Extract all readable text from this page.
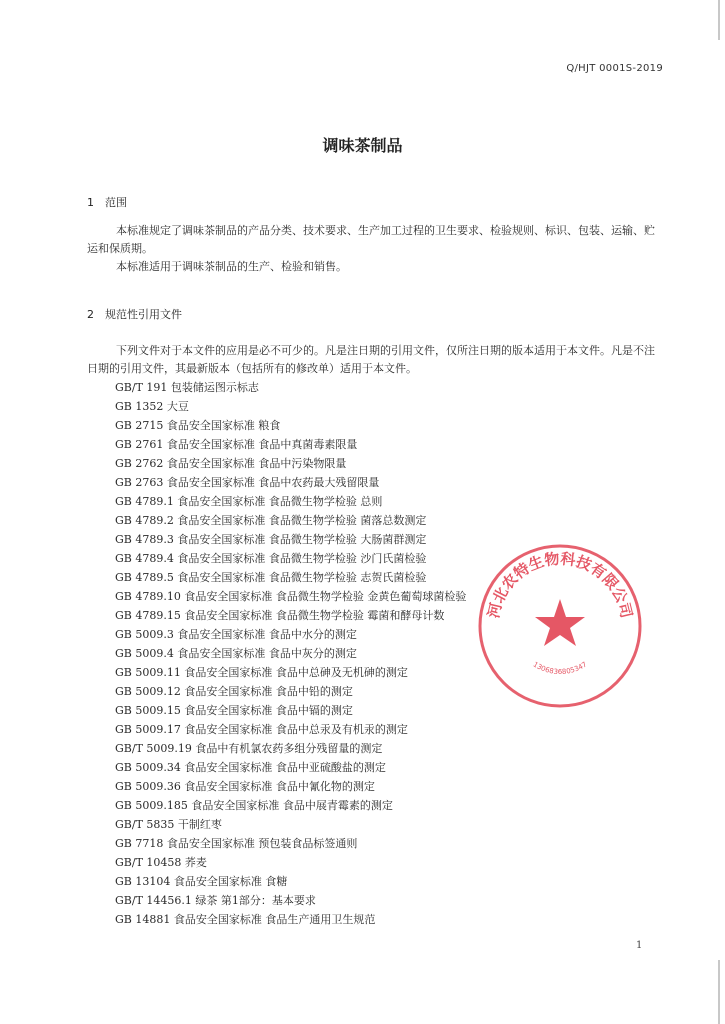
Q/HJT 0001S-2019
调味茶制品
1 范围

本标准规定了调味茶制品的产品分类、技术要求、生产加工过程的卫生要求、检验规则、标识、包装、运输、贮运和保质期。

本标准适用于调味茶制品的生产、检验和销售。

2 规范性引用文件

下列文件对于本文件的应用是必不可少的。凡是注日期的引用文件，仅所注日期的版本适用于本文件。凡是不注日期的引用文件，其最新版本（包括所有的修改单）适用于本文件。

GB/T 191 包装储运图示标志
GB 1352 大豆
GB 2715 食品安全国家标准 粮食
GB 2761 食品安全国家标准 食品中真菌毒素限量
GB 2762 食品安全国家标准 食品中污染物限量
GB 2763 食品安全国家标准 食品中农药最大残留限量
GB 4789.1 食品安全国家标准 食品微生物学检验 总则
GB 4789.2 食品安全国家标准 食品微生物学检验 菌落总数测定
GB 4789.3 食品安全国家标准 食品微生物学检验 大肠菌群测定
GB 4789.4 食品安全国家标准 食品微生物学检验 沙门氏菌检验
GB 4789.5 食品安全国家标准 食品微生物学检验 志贺氏菌检验
GB 4789.10 食品安全国家标准 食品微生物学检验 金黄色葡萄球菌检验
GB 4789.15 食品安全国家标准 食品微生物学检验 霉菌和酵母计数
GB 5009.3 食品安全国家标准 食品中水分的测定
GB 5009.4 食品安全国家标准 食品中灰分的测定
GB 5009.11 食品安全国家标准 食品中总砷及无机砷的测定
GB 5009.12 食品安全国家标准 食品中铅的测定
GB 5009.15 食品安全国家标准 食品中镉的测定
GB 5009.17 食品安全国家标准 食品中总汞及有机汞的测定
GB/T 5009.19 食品中有机氯农药多组分残留量的测定
GB 5009.34 食品安全国家标准 食品中亚硫酸盐的测定
GB 5009.36 食品安全国家标准 食品中氰化物的测定
GB 5009.185 食品安全国家标准 食品中展青霉素的测定
GB/T 5835 干制红枣
GB 7718 食品安全国家标准 预包装食品标签通则
GB/T 10458 荞麦
GB 13104 食品安全国家标准 食糖
GB/T 14456.1 绿茶 第1部分：基本要求
GB 14881 食品安全国家标准 食品生产通用卫生规范
河北农特生物科技有限公司
1306836805347
1
